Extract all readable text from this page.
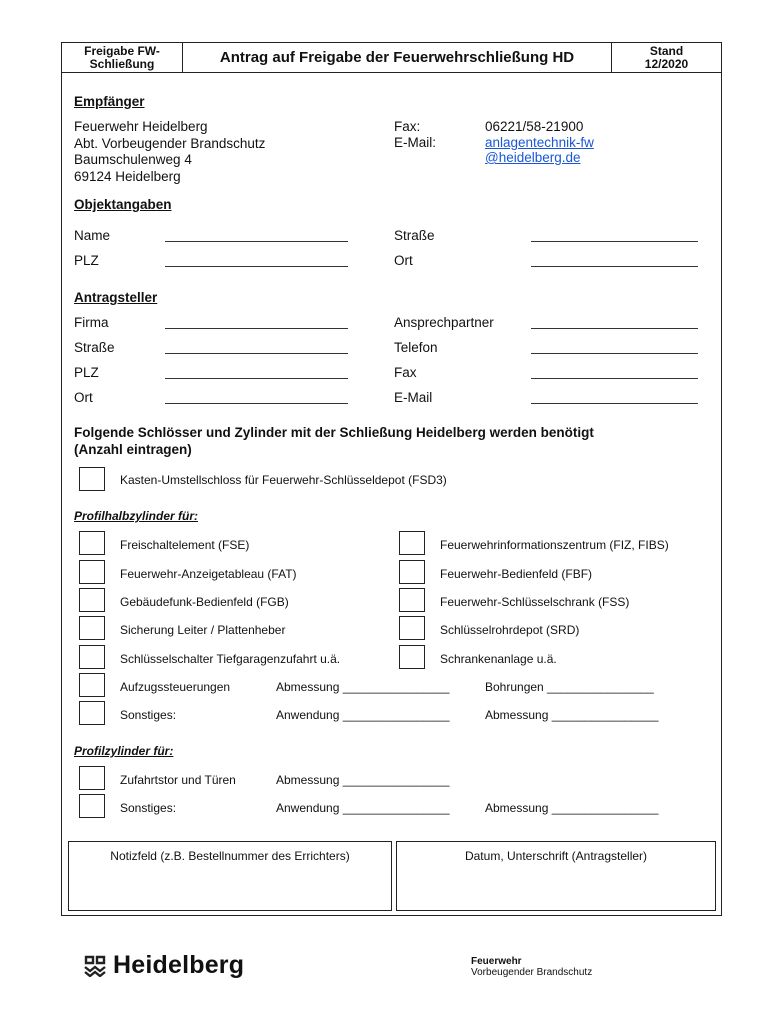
Freigabe FW-
Schließung	Antrag auf Freigabe der Feuerwehrschließung HD	Stand
12/2020
Empfänger
Feuerwehr Heidelberg
Abt. Vorbeugender Brandschutz
Baumschulenweg 4
69124 Heidelberg
Fax:	06221/58-21900
E-Mail:	anlagentechnik-fw
@heidelberg.de
Objektangaben
Name	Straße
PLZ	Ort
Antragsteller
Firma	Ansprechpartner
Straße	Telefon
PLZ	Fax
Ort	E-Mail
Folgende Schlösser und Zylinder mit der Schließung Heidelberg werden benötigt
(Anzahl eintragen)
Kasten-Umstellschloss für Feuerwehr-Schlüsseldepot (FSD3)
Profilhalbzylinder für:
Freischaltelement (FSE)	Feuerwehrinformationszentrum (FIZ, FIBS)
Feuerwehr-Anzeigetableau (FAT)	Feuerwehr-Bedienfeld (FBF)
Gebäudefunk-Bedienfeld (FGB)	Feuerwehr-Schlüsselschrank (FSS)
Sicherung Leiter / Plattenheber	Schlüsselrohrdepot (SRD)
Schlüsselschalter Tiefgaragenzufahrt u.ä.	Schrankenanlage u.ä.
Aufzugssteuerungen	Abmessung ________________	Bohrungen ________________
Sonstiges:	Anwendung ________________	Abmessung ________________
Profilzylinder für:
Zufahrtstor und Türen	Abmessung ________________
Sonstiges:	Anwendung ________________	Abmessung ________________
Notizfeld (z.B. Bestellnummer des Errichters)	Datum, Unterschrift (Antragsteller)
Heidelberg	Feuerwehr
Vorbeugender Brandschutz
